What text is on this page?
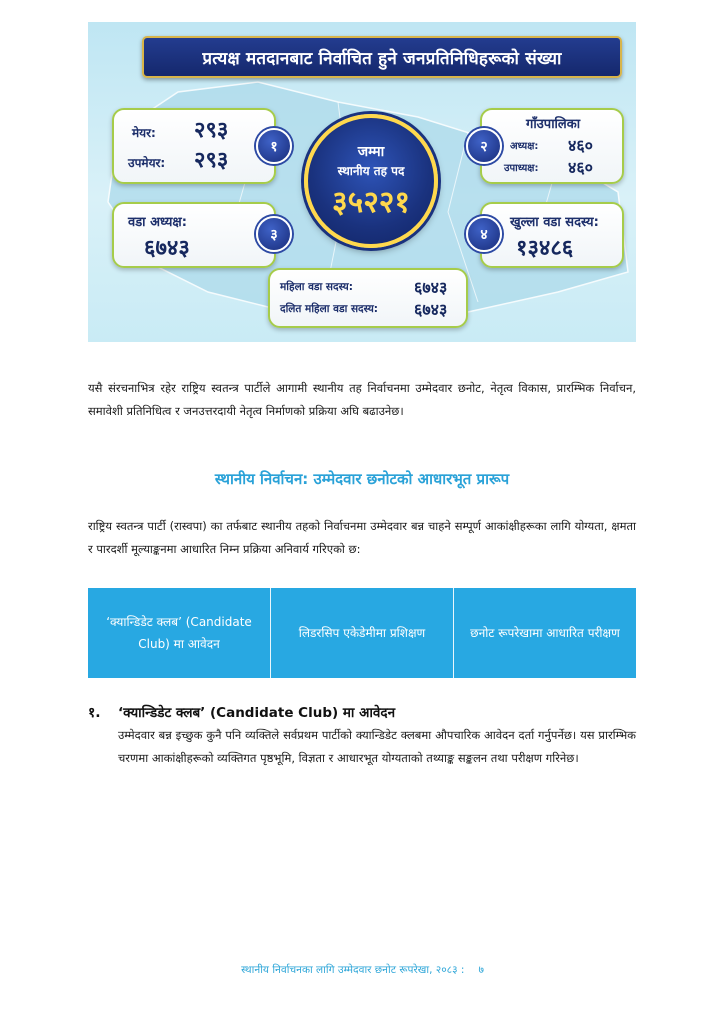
प्रत्यक्ष मतदानबाट निर्वाचित हुने जनप्रतिनिधिहरूको संख्या
मेयर: २९३
उपमेयर: २९३
१
गाँउपालिका
अध्यक्ष: ४६०
उपाध्यक्ष: ४६०
२
वडा अध्यक्ष:
६७४३
३
खुल्ला वडा सदस्य:
१३४८६
४
महिला वडा सदस्य:	६७४३
दलित महिला वडा सदस्य: ६७४३
जम्मा
स्थानीय तह पद
३५२२१

यसै संरचनाभित्र रहेर राष्ट्रिय स्वतन्त्र पार्टीले आगामी स्थानीय तह निर्वाचनमा उम्मेदवार छनोट, नेतृत्व विकास, प्रारम्भिक निर्वाचन, समावेशी प्रतिनिधित्व र जनउत्तरदायी नेतृत्व निर्माणको प्रक्रिया अघि बढाउनेछ।

स्थानीय निर्वाचन: उम्मेदवार छनोटको आधारभूत प्रारूप

राष्ट्रिय स्वतन्त्र पार्टी (रास्वपा) का तर्फबाट स्थानीय तहको निर्वाचनमा उम्मेदवार बन्न चाहने सम्पूर्ण आकांक्षीहरूका लागि योग्यता, क्षमता र पारदर्शी मूल्याङ्कनमा आधारित निम्न प्रक्रिया अनिवार्य गरिएको छ:

‘क्यान्डिडेट क्लब’ (Candidate Club) मा आवेदन
लिडरसिप एकेडेमीमा प्रशिक्षण	छनोट रूपरेखामा आधारित परीक्षण
१. ‘क्यान्डिडेट क्लब’ (Candidate Club) मा आवेदन

उम्मेदवार बन्न इच्छुक कुनै पनि व्यक्तिले सर्वप्रथम पार्टीको क्यान्डिडेट क्लबमा औपचारिक आवेदन दर्ता गर्नुपर्नेछ। यस प्रारम्भिक चरणमा आकांक्षीहरूको व्यक्तिगत पृष्ठभूमि, विज्ञता र आधारभूत योग्यताको तथ्याङ्क सङ्कलन तथा परीक्षण गरिनेछ।

स्थानीय निर्वाचनका लागि उम्मेदवार छनोट रूपरेखा, २०८३ : ७
